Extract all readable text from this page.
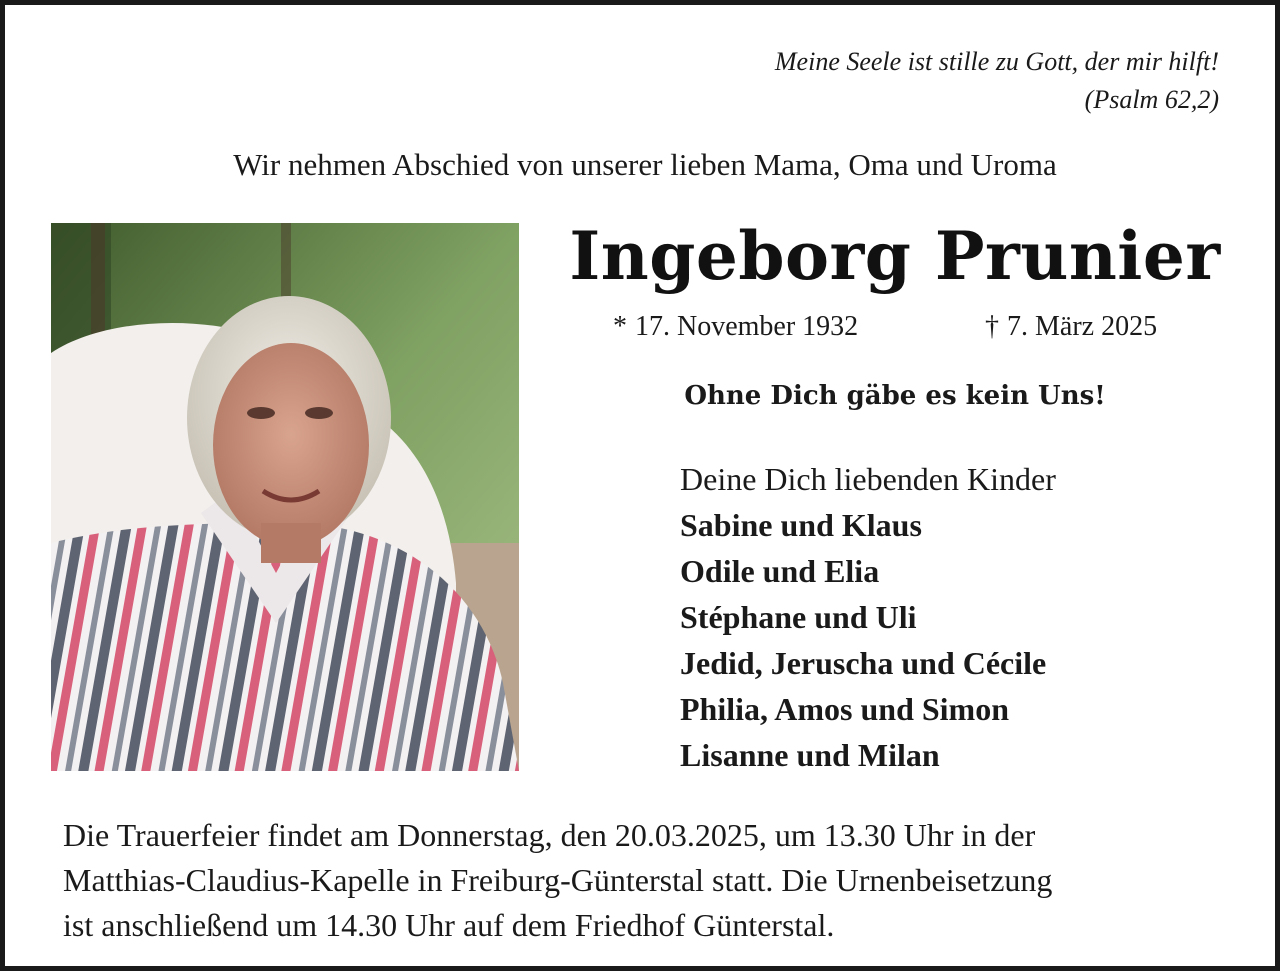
Meine Seele ist stille zu Gott, der mir hilft!
(Psalm 62,2)
Wir nehmen Abschied von unserer lieben Mama, Oma und Uroma
Ingeborg Prunier
* 17. November 1932	† 7. März 2025
Ohne Dich gäbe es kein Uns!
Deine Dich liebenden Kinder
Sabine und Klaus
Odile und Elia
Stéphane und Uli
Jedid, Jeruscha und Cécile
Philia, Amos und Simon
Lisanne und Milan
Die Trauerfeier findet am Donnerstag, den 20.03.2025, um 13.30 Uhr in der
Matthias-Claudius-Kapelle in Freiburg-Günterstal statt. Die Urnenbeisetzung
ist anschließend um 14.30 Uhr auf dem Friedhof Günterstal.
